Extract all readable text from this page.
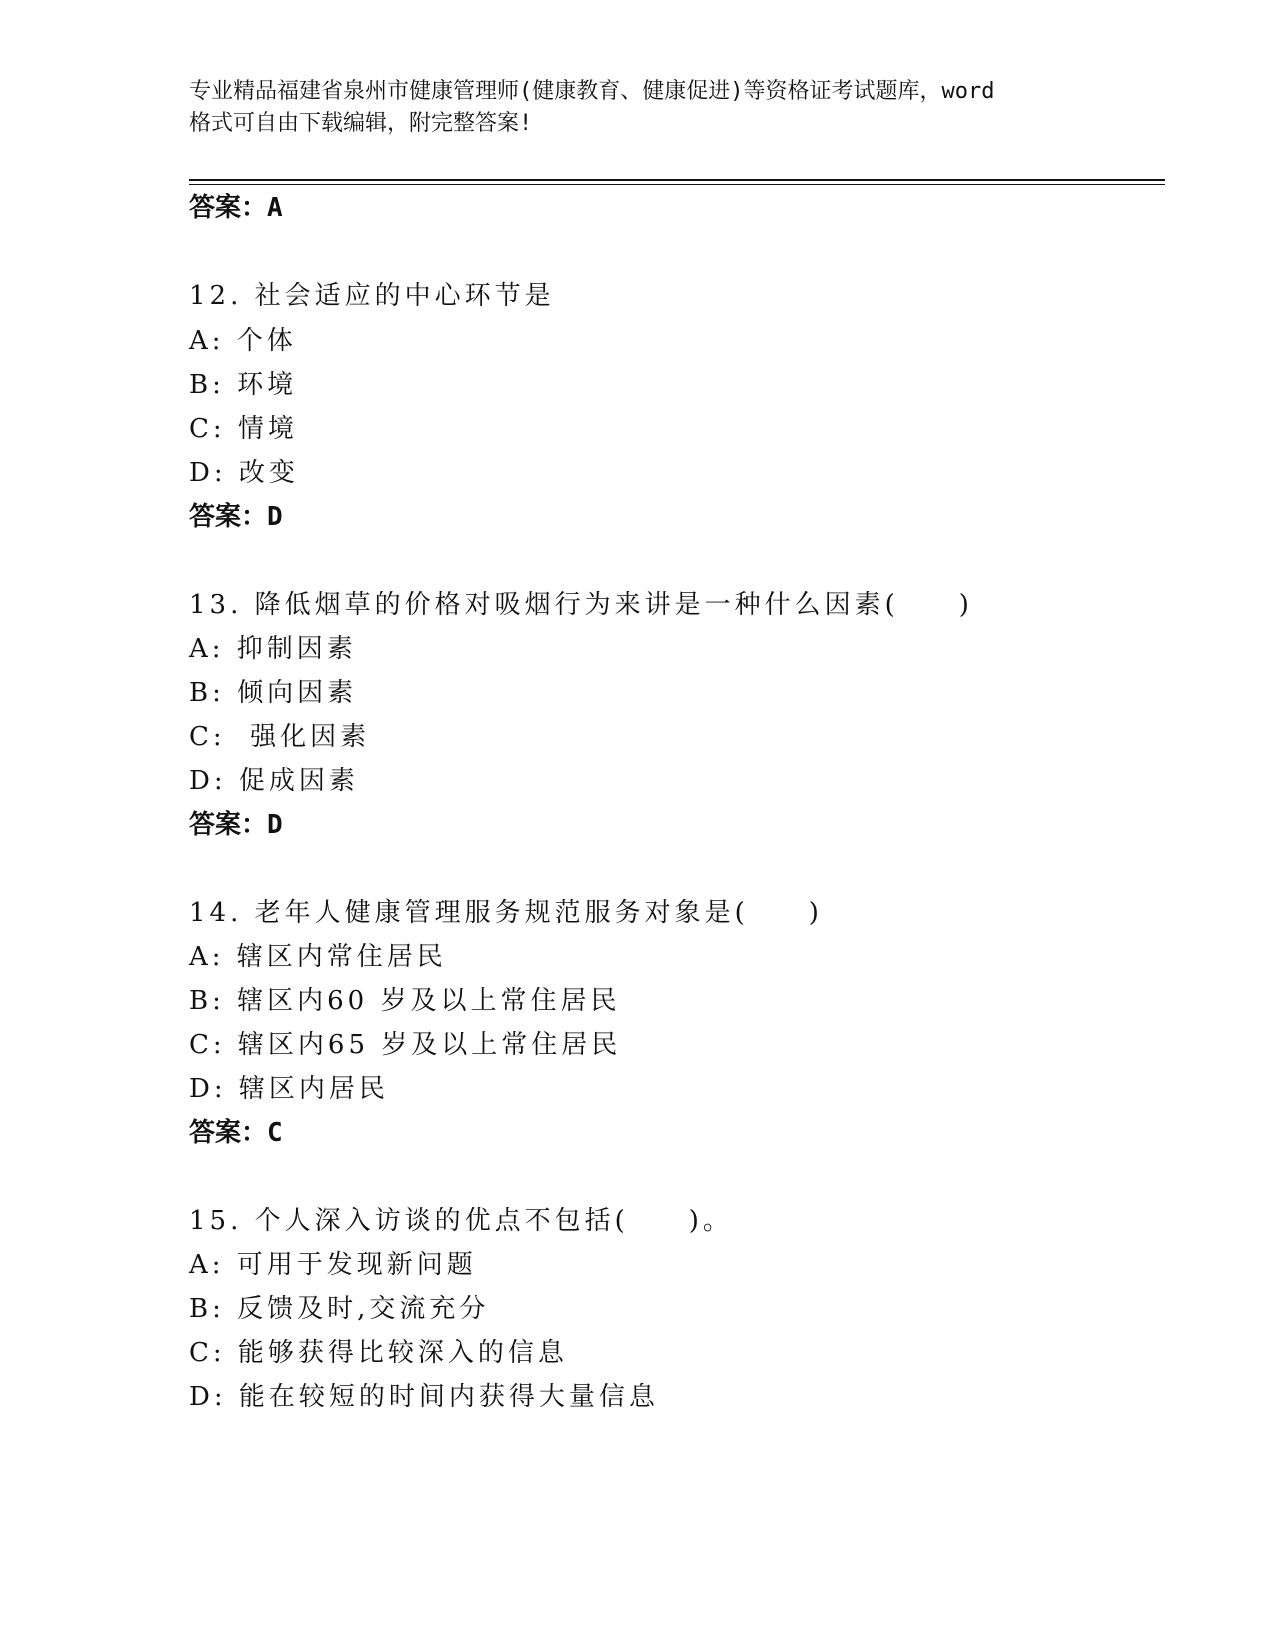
专业精品福建省泉州市健康管理师(健康教育、健康促进)等资格证考试题库，word
格式可自由下载编辑，附完整答案!
答案：A
12. 社会适应的中心环节是
A: 个体
B: 环境
C: 情境
D: 改变
答案：D
13. 降低烟草的价格对吸烟行为来讲是一种什么因素(　　)
A: 抑制因素
B: 倾向因素
C:  强化因素
D: 促成因素
答案：D
14. 老年人健康管理服务规范服务对象是(　　)
A: 辖区内常住居民
B: 辖区内60 岁及以上常住居民
C: 辖区内65 岁及以上常住居民
D: 辖区内居民
答案：C
15. 个人深入访谈的优点不包括(　　)。
A: 可用于发现新问题
B: 反馈及时,交流充分
C: 能够获得比较深入的信息
D: 能在较短的时间内获得大量信息
